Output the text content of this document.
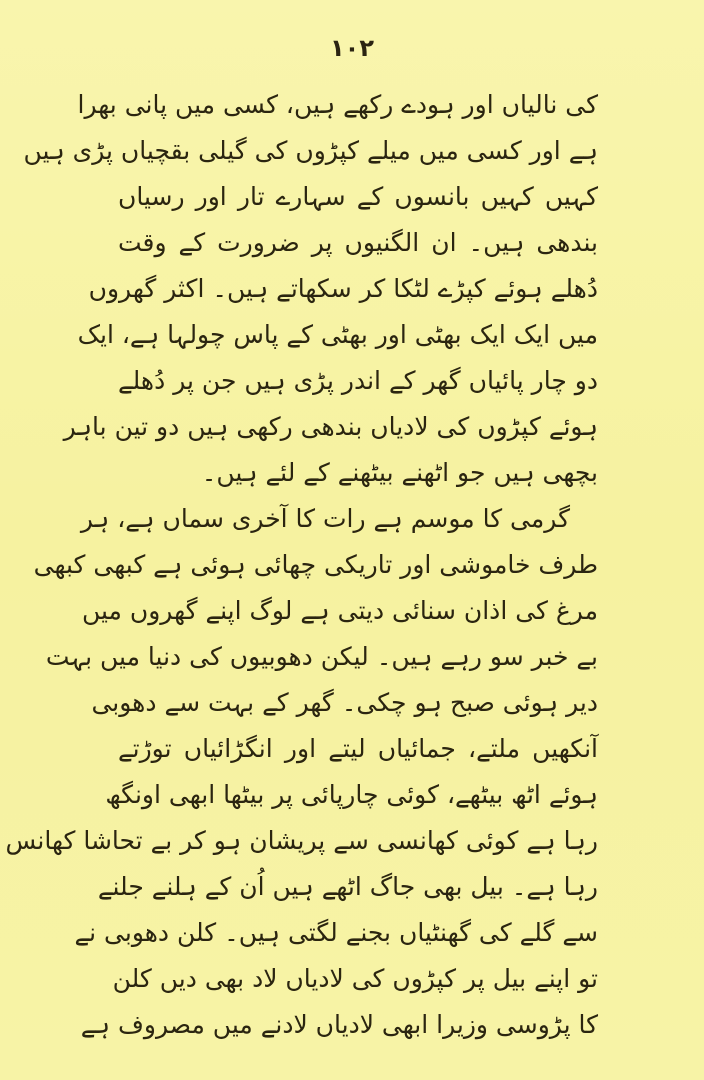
۱۰۲
کی نالیاں اور ہودے رکھے ہیں، کسی میں پانی بھرا
ہے اور کسی میں میلے کپڑوں کی گیلی بقچیاں پڑی ہیں
کہیں کہیں بانسوں کے سہارے تار اور رسیاں
بندھی ہیں۔ ان الگنیوں پر ضرورت کے وقت
دُھلے ہوئے کپڑے لٹکا کر سکھاتے ہیں۔ اکثر گھروں
میں ایک ایک بھٹی اور بھٹی کے پاس چولہا ہے، ایک
دو چار پائیاں گھر کے اندر پڑی ہیں جن پر دُھلے
ہوئے کپڑوں کی لادیاں بندھی رکھی ہیں دو تین باہر
بچھی ہیں جو اٹھنے بیٹھنے کے لئے ہیں۔
گرمی کا موسم ہے رات کا آخری سماں ہے، ہر
طرف خاموشی اور تاریکی چھائی ہوئی ہے کبھی کبھی
مرغ کی اذان سنائی دیتی ہے لوگ اپنے گھروں میں
بے خبر سو رہے ہیں۔ لیکن دھوبیوں کی دنیا میں بہت
دیر ہوئی صبح ہو چکی۔ گھر کے بہت سے دھوبی
آنکھیں ملتے، جمائیاں لیتے اور انگڑائیاں توڑتے
ہوئے اٹھ بیٹھے، کوئی چارپائی پر بیٹھا ابھی اونگھ
رہا ہے کوئی کھانسی سے پریشان ہو کر بے تحاشا کھانس
رہا ہے۔ بیل بھی جاگ اٹھے ہیں اُن کے ہلنے جلنے
سے گلے کی گھنٹیاں بجنے لگتی ہیں۔ کلن دھوبی نے
تو اپنے بیل پر کپڑوں کی لادیاں لاد بھی دیں کلن
کا پڑوسی وزیرا ابھی لادیاں لادنے میں مصروف ہے
